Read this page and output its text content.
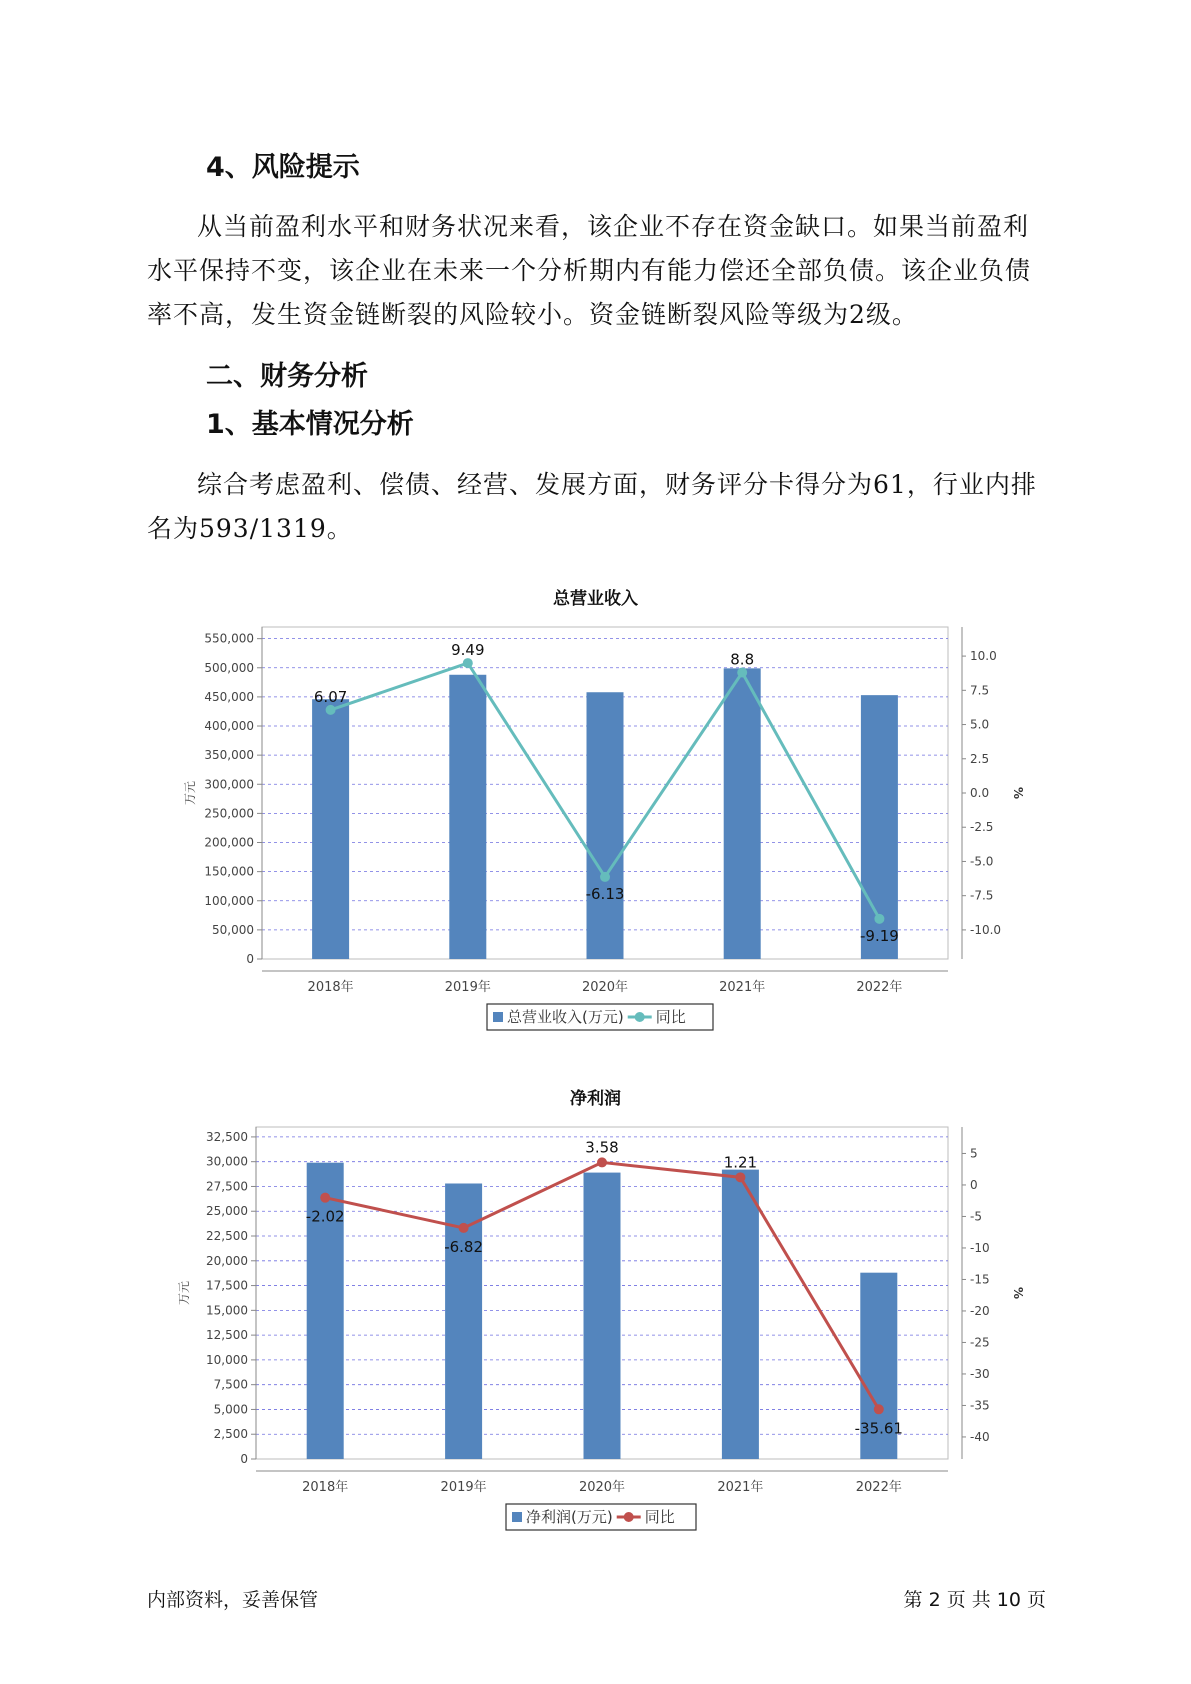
4、风险提示

从当前盈利水平和财务状况来看，该企业不存在资金缺口。如果当前盈利水平保持不变，该企业在未来一个分析期内有能力偿还全部负债。该企业负债率不高，发生资金链断裂的风险较小。资金链断裂风险等级为2级。

二、财务分析
1、基本情况分析

综合考虑盈利、偿债、经营、发展方面，财务评分卡得分为61，行业内排名为593/1319。

总营业收入
0
50,000
100,000
150,000
200,000
250,000
300,000
350,000
400,000
450,000
500,000
550,000
-10.0
-7.5
-5.0
-2.5
0.0
2.5
5.0
7.5
10.0
万元	%
2018年	2019年	2020年	2021年	2022年
6.07
9.49
-6.13
8.8
-9.19
总营业收入(万元) 同比
净利润
0
2,500
5,000
7,500
10,000
12,500
15,000
17,500
20,000
22,500
25,000
27,500
30,000
32,500
-40
-35
-30
-25
-20
-15
-10
-5
0
5
万元	%
2018年	2019年	2020年	2021年	2022年
-2.02
-6.82
3.58
1.21
-35.61
净利润(万元) 同比
内部资料，妥善保管	第 2 页 共 10 页
